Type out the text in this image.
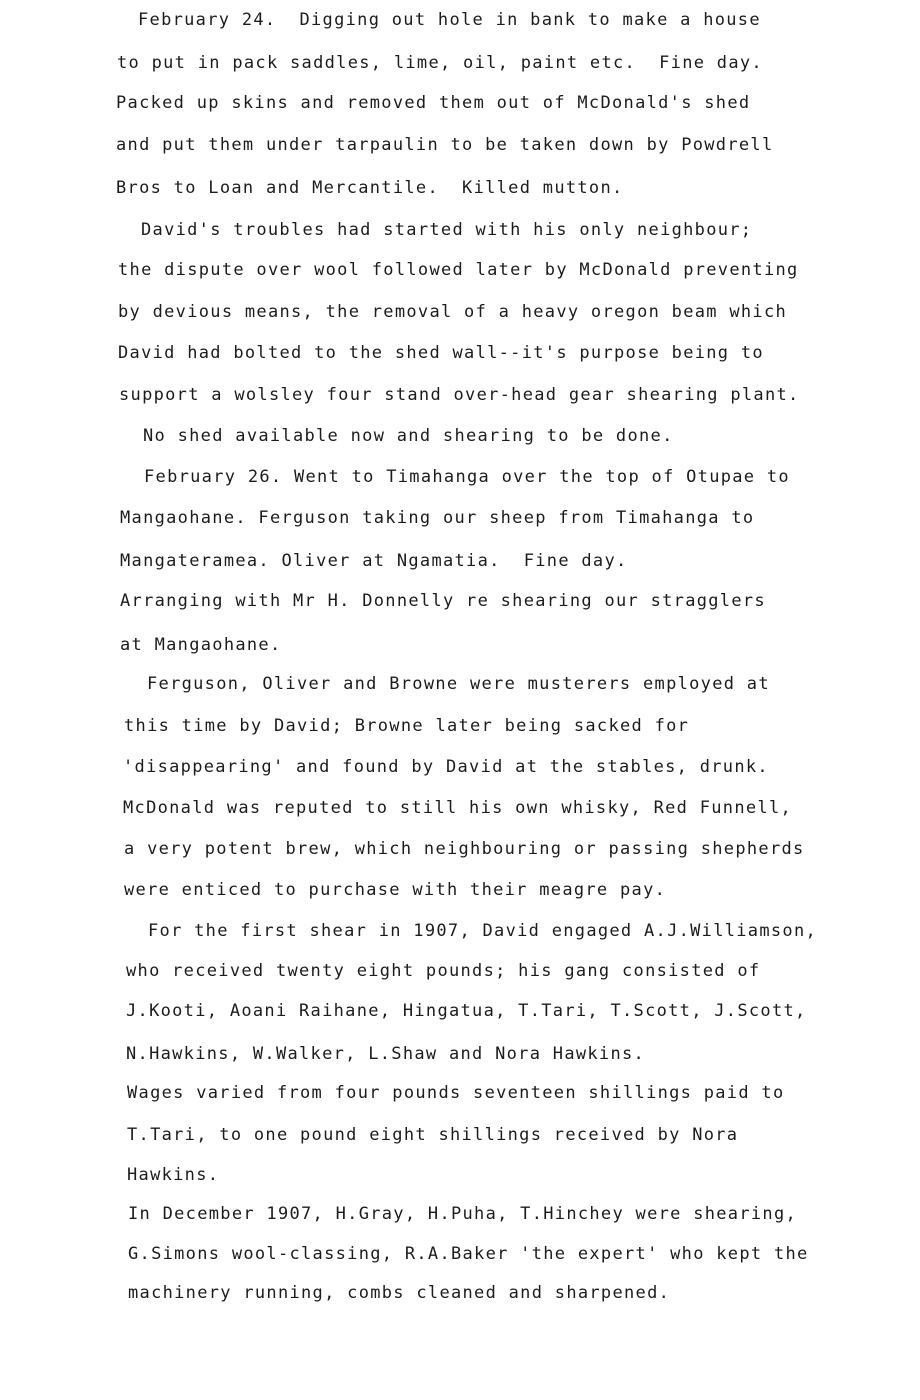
February 24.  Digging out hole in bank to make a house

to put in pack saddles, lime, oil, paint etc.  Fine day.

Packed up skins and removed them out of McDonald's shed

and put them under tarpaulin to be taken down by Powdrell

Bros to Loan and Mercantile.  Killed mutton.

David's troubles had started with his only neighbour;

the dispute over wool followed later by McDonald preventing

by devious means, the removal of a heavy oregon beam which

David had bolted to the shed wall--it's purpose being to

support a wolsley four stand over-head gear shearing plant.

No shed available now and shearing to be done.

February 26. Went to Timahanga over the top of Otupae to

Mangaohane. Ferguson taking our sheep from Timahanga to

Mangateramea. Oliver at Ngamatia.  Fine day.

Arranging with Mr H. Donnelly re shearing our stragglers

at Mangaohane.

Ferguson, Oliver and Browne were musterers employed at

this time by David; Browne later being sacked for

'disappearing' and found by David at the stables, drunk.

McDonald was reputed to still his own whisky, Red Funnell,

a very potent brew, which neighbouring or passing shepherds

were enticed to purchase with their meagre pay.

For the first shear in 1907, David engaged A.J.Williamson,

who received twenty eight pounds; his gang consisted of

J.Kooti, Aoani Raihane, Hingatua, T.Tari, T.Scott, J.Scott,

N.Hawkins, W.Walker, L.Shaw and Nora Hawkins.

Wages varied from four pounds seventeen shillings paid to

T.Tari, to one pound eight shillings received by Nora

Hawkins.

In December 1907, H.Gray, H.Puha, T.Hinchey were shearing,

G.Simons wool-classing, R.A.Baker 'the expert' who kept the

machinery running, combs cleaned and sharpened.
